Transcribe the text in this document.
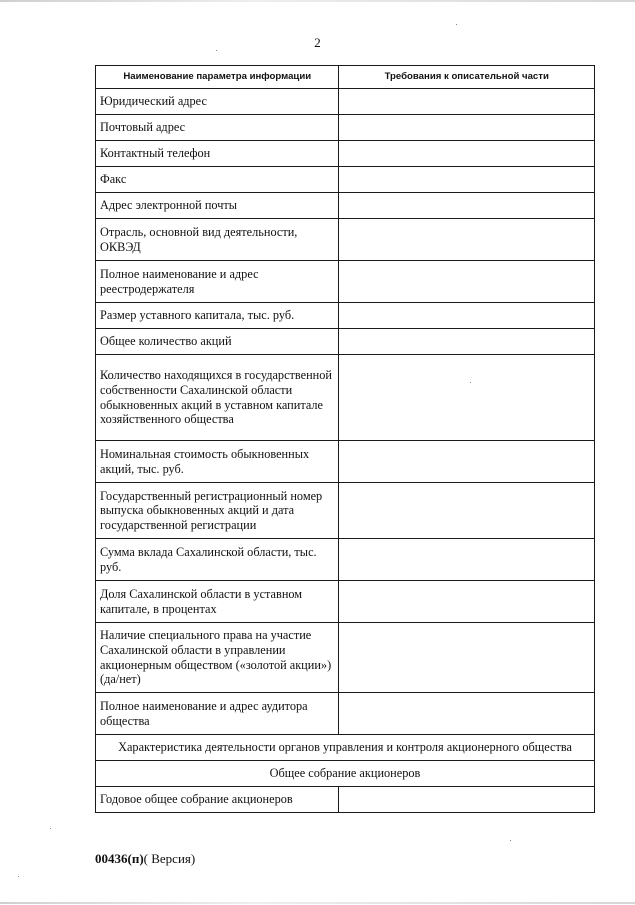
2
Наименование параметра информации	Требования к описательной части
Юридический адрес	
Почтовый адрес	
Контактный телефон	
Факс	
Адрес электронной почты	
Отрасль, основной вид деятельности, ОКВЭД	
Полное наименование и адрес реестродержателя	
Размер уставного капитала, тыс. руб.	
Общее количество акций	
Количество находящихся в государственной собственности Сахалинской области обыкновенных акций в уставном капитале хозяйственного общества	
Номинальная стоимость обыкновенных акций, тыс. руб.	
Государственный регистрационный номер выпуска обыкновенных акций и дата государственной регистрации	
Сумма вклада Сахалинской области, тыс. руб.	
Доля Сахалинской области в уставном капитале, в процентах	
Наличие специального права на участие Сахалинской области в управлении акционерным обществом («золотой акции») (да/нет)	
Полное наименование и адрес аудитора общества	
Характеристика деятельности органов управления и контроля акционерного общества	
Общее собрание акционеров	
Годовое общее собрание акционеров	
00436(п)( Версия)
